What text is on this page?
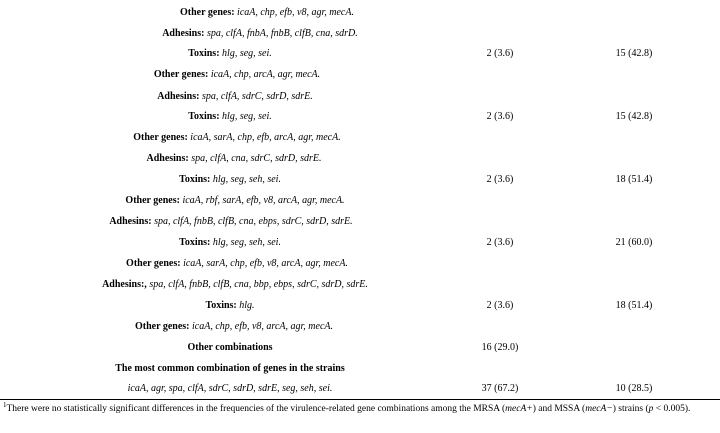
Other genes: icaA, chp, efb, v8, agr, mecA.
Adhesins: spa, clfA, fnbA, fnbB, clfB, cna, sdrD.
Toxins: hlg, seg, sei.	2 (3.6)	15 (42.8)
Other genes: icaA, chp, arcA, agr, mecA.
Adhesins: spa, clfA, sdrC, sdrD, sdrE.
Toxins: hlg, seg, sei.	2 (3.6)	15 (42.8)
Other genes: icaA, sarA, chp, efb, arcA, agr, mecA.
Adhesins: spa, clfA, cna, sdrC, sdrD, sdrE.
Toxins: hlg, seg, seh, sei.	2 (3.6)	18 (51.4)
Other genes: icaA, rbf, sarA, efb, v8, arcA, agr, mecA.
Adhesins: spa, clfA, fnbB, clfB, cna, ebps, sdrC, sdrD, sdrE.
Toxins: hlg, seg, seh, sei.	2 (3.6)	21 (60.0)
Other genes: icaA, sarA, chp, efb, v8, arcA, agr, mecA.
Adhesins:, spa, clfA, fnbB, clfB, cna, bbp, ebps, sdrC, sdrD, sdrE.
Toxins: hlg.	2 (3.6)	18 (51.4)
Other genes: icaA, chp, efb, v8, arcA, agr, mecA.
Other combinations	16 (29.0)
The most common combination of genes in the strains
icaA, agr, spa, clfA, sdrC, sdrD, sdrE, seg, seh, sei.	37 (67.2)	10 (28.5)
$^1$There were no statistically significant differences in the frequencies of the virulence-related gene combinations among the MRSA (mecA+) and MSSA (mecA−) strains (p < 0.005).
